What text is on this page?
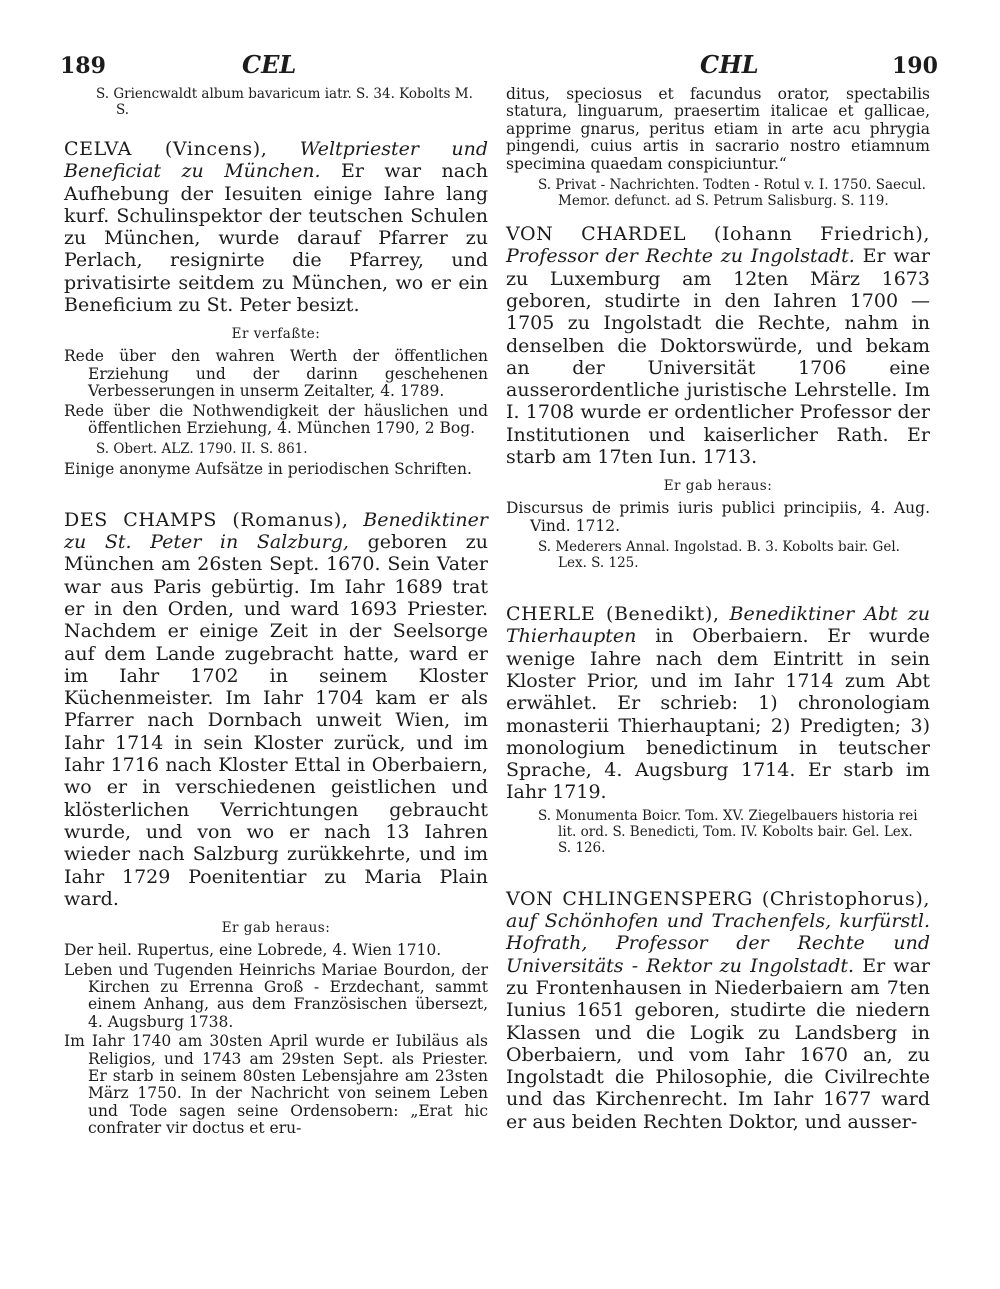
189	CEL	CHL	190

S. Griencwaldt album bavaricum iatr. S. 34. Kobolts M. S.

CELVA (Vincens), Weltpriester und Beneficiat zu München. Er war nach Aufhebung der Iesuiten einige Iahre lang kurf. Schulinspektor der teutschen Schulen zu München, wurde darauf Pfarrer zu Perlach, resignirte die Pfarrey, und privatisirte seitdem zu München, wo er ein Beneficium zu St. Peter besizt.

Er verfaßte:

Rede über den wahren Werth der öffentlichen Erziehung und der darinn geschehenen Verbesserungen in unserm Zeitalter, 4. 1789.

Rede über die Nothwendigkeit der häuslichen und öffentlichen Erziehung, 4. München 1790, 2 Bog.

S. Obert. ALZ. 1790. II. S. 861.

Einige anonyme Aufsätze in periodischen Schriften.

DES CHAMPS (Romanus), Benediktiner zu St. Peter in Salzburg, geboren zu München am 26sten Sept. 1670. Sein Vater war aus Paris gebürtig. Im Iahr 1689 trat er in den Orden, und ward 1693 Priester. Nachdem er einige Zeit in der Seelsorge auf dem Lande zugebracht hatte, ward er im Iahr 1702 in seinem Kloster Küchenmeister. Im Iahr 1704 kam er als Pfarrer nach Dornbach unweit Wien, im Iahr 1714 in sein Kloster zurück, und im Iahr 1716 nach Kloster Ettal in Oberbaiern, wo er in verschiedenen geistlichen und klösterlichen Verrichtungen gebraucht wurde, und von wo er nach 13 Iahren wieder nach Salzburg zurükkehrte, und im Iahr 1729 Poenitentiar zu Maria Plain ward.

Er gab heraus:

Der heil. Rupertus, eine Lobrede, 4. Wien 1710.

Leben und Tugenden Heinrichs Mariae Bourdon, der Kirchen zu Errenna Groß - Erzdechant, sammt einem Anhang, aus dem Französischen übersezt, 4. Augsburg 1738.

Im Iahr 1740 am 30sten April wurde er Iubiläus als Religios, und 1743 am 29sten Sept. als Priester. Er starb in seinem 80sten Lebensjahre am 23sten März 1750. In der Nachricht von seinem Leben und Tode sagen seine Ordensobern: „Erat hic confrater vir doctus et eru-

ditus, speciosus et facundus orator, spectabilis statura, linguarum, praesertim italicae et gallicae, apprime gnarus, peritus etiam in arte acu phrygia pingendi, cuius artis in sacrario nostro etiamnum specimina quaedam conspiciuntur.“

S. Privat - Nachrichten. Todten - Rotul v. I. 1750. Saecul. Memor. defunct. ad S. Petrum Salisburg. S. 119.

VON CHARDEL (Iohann Friedrich), Professor der Rechte zu Ingolstadt. Er war zu Luxemburg am 12ten März 1673 geboren, studirte in den Iahren 1700 — 1705 zu Ingolstadt die Rechte, nahm in denselben die Doktorswürde, und bekam an der Universität 1706 eine ausserordentliche juristische Lehrstelle. Im I. 1708 wurde er ordentlicher Professor der Institutionen und kaiserlicher Rath. Er starb am 17ten Iun. 1713.

Er gab heraus:

Discursus de primis iuris publici principiis, 4. Aug. Vind. 1712.

S. Mederers Annal. Ingolstad. B. 3. Kobolts bair. Gel. Lex. S. 125.

CHERLE (Benedikt), Benediktiner Abt zu Thierhaupten in Oberbaiern. Er wurde wenige Iahre nach dem Eintritt in sein Kloster Prior, und im Iahr 1714 zum Abt erwählet. Er schrieb: 1) chronologiam monasterii Thierhauptani; 2) Predigten; 3) monologium benedictinum in teutscher Sprache, 4. Augsburg 1714. Er starb im Iahr 1719.

S. Monumenta Boicr. Tom. XV. Ziegelbauers historia rei lit. ord. S. Benedicti, Tom. IV. Kobolts bair. Gel. Lex. S. 126.

VON CHLINGENSPERG (Christophorus), auf Schönhofen und Trachenfels, kurfürstl. Hofrath, Professor der Rechte und Universitäts - Rektor zu Ingolstadt. Er war zu Frontenhausen in Niederbaiern am 7ten Iunius 1651 geboren, studirte die niedern Klassen und die Logik zu Landsberg in Oberbaiern, und vom Iahr 1670 an, zu Ingolstadt die Philosophie, die Civilrechte und das Kirchenrecht. Im Iahr 1677 ward er aus beiden Rechten Doktor, und ausser-
